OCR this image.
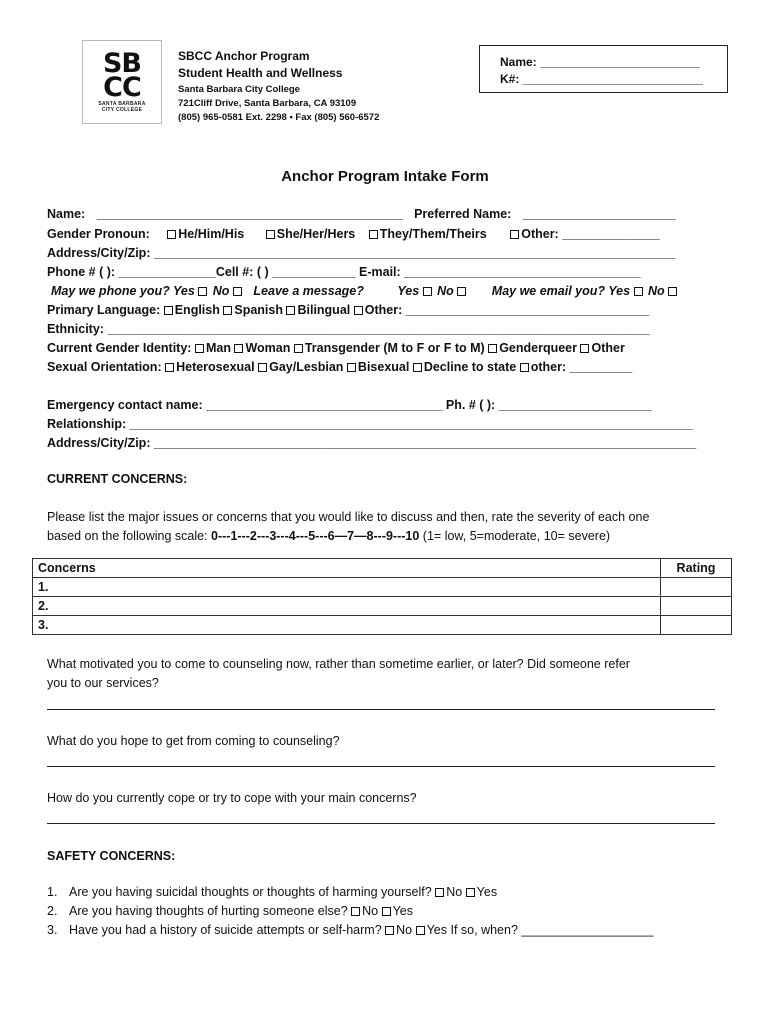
SB
CC
SANTA BARBARA
CITY COLLEGE
SBCC Anchor Program
Student Health and Wellness
Santa Barbara City College
721Cliff Drive, Santa Barbara, CA 93109
(805) 965-0581 Ext. 2298 • Fax (805) 560-6572
Name: ________________________
K#: ___________________________
Anchor Program Intake Form
Name: ____________________________________________ Preferred Name: ______________________
Gender Pronoun: He/Him/His	She/Her/Hers They/Them/Theirs	Other: ______________
Address/City/Zip: ___________________________________________________________________________
Phone # ( ): ______________Cell #: ( ) ____________ E-mail: __________________________________
May we phone you? Yes No Leave a message?	Yes No	May we email you? Yes No
Primary Language: English Spanish Bilingual Other: ___________________________________
Ethnicity: ______________________________________________________________________________
Current Gender Identity: Man Woman Transgender (M to F or F to M) Genderqueer Other
Sexual Orientation: Heterosexual Gay/Lesbian Bisexual Decline to state other: _________
Emergency contact name: __________________________________ Ph. # ( ): ______________________
Relationship: _________________________________________________________________________________
Address/City/Zip: ______________________________________________________________________________
CURRENT CONCERNS:
Please list the major issues or concerns that you would like to discuss and then, rate the severity of each one
based on the following scale: 0---1---2---3---4---5---6—7—8---9---10 (1= low, 5=moderate, 10= severe)
Concerns	Rating
1.	
2.	
3.	
What motivated you to come to counseling now, rather than sometime earlier, or later? Did someone refer
you to our services?
What do you hope to get from coming to counseling?
How do you currently cope or try to cope with your main concerns?
SAFETY CONCERNS:
1. Are you having suicidal thoughts or thoughts of harming yourself? No Yes
2. Are you having thoughts of hurting someone else? No Yes
3. Have you had a history of suicide attempts or self-harm? No Yes If so, when? ___________________
